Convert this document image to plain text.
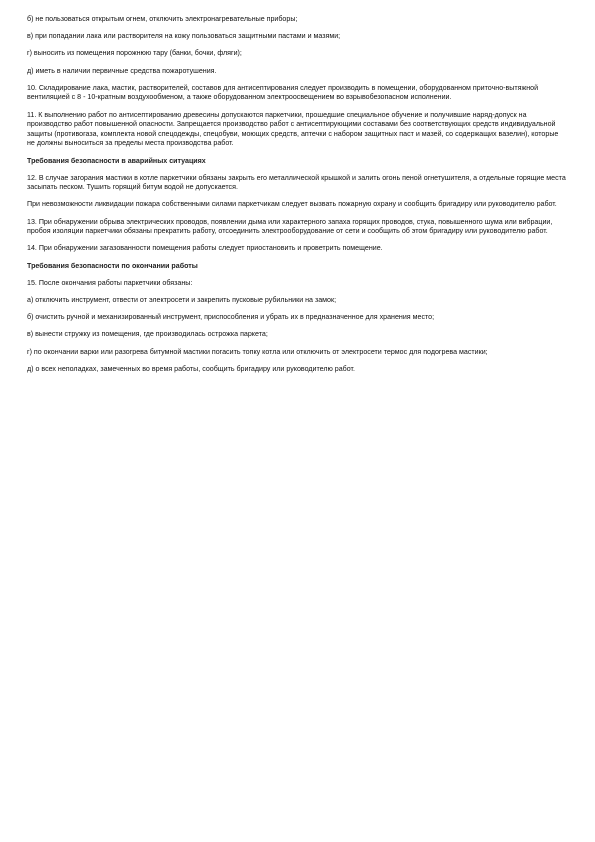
б) не пользоваться открытым огнем, отключить электронагревательные приборы;

в) при попадании лака или растворителя на кожу пользоваться защитными пастами и мазями;

г) выносить из помещения порожнюю тару (банки, бочки, фляги);

д) иметь в наличии первичные средства пожаротушения.

10. Складирование лака, мастик, растворителей, составов для антисептирования следует производить в помещении, оборудованном приточно-вытяжной вентиляцией с 8 - 10-кратным воздухообменом, а также оборудованном электроосвещением во взрывобезопасном исполнении.

11. К выполнению работ по антисептированию древесины допускаются паркетчики, прошедшие специальное обучение и получившие наряд-допуск на производство работ повышенной опасности. Запрещается производство работ с антисептирующими составами без соответствующих средств индивидуальной защиты (противогаза, комплекта новой спецодежды, спецобуви, моющих средств, аптечки с набором защитных паст и мазей, со содержащих вазелин), которые не должны выноситься за пределы места производства работ.

Требования безопасности в аварийных ситуациях

12. В случае загорания мастики в котле паркетчики обязаны закрыть его металлической крышкой и залить огонь пеной огнетушителя, а отдельные горящие места засыпать песком. Тушить горящий битум водой не допускается.

При невозможности ликвидации пожара собственными силами паркетчикам следует вызвать пожарную охрану и сообщить бригадиру или руководителю работ.

13. При обнаружении обрыва электрических проводов, появлении дыма или характерного запаха горящих проводов, стука, повышенного шума или вибрации, пробоя изоляции паркетчики обязаны прекратить работу, отсоединить электрооборудование от сети и сообщить об этом бригадиру или руководителю работ.

14. При обнаружении загазованности помещения работы следует приостановить и проветрить помещение.

Требования безопасности по окончании работы

15. После окончания работы паркетчики обязаны:

а) отключить инструмент, отвести от электросети и закрепить пусковые рубильники на замок;

б) очистить ручной и механизированный инструмент, приспособления и убрать их в предназначенное для хранения место;

в) вынести стружку из помещения, где производилась острожка паркета;

г) по окончании варки или разогрева битумной мастики погасить топку котла или отключить от электросети термос для подогрева мастики;

д) о всех неполадках, замеченных во время работы, сообщить бригадиру или руководителю работ.
